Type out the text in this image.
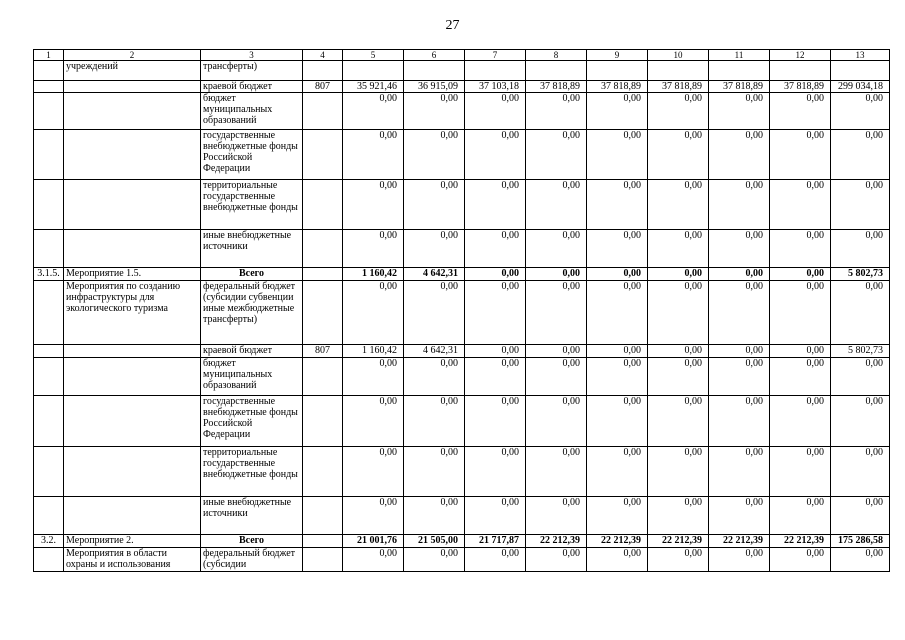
27
1	2	3	4	5	6	7	8	9	10	11	12	13
	учреждений	трансферты)										
		краевой бюджет	807	35 921,46	36 915,09	37 103,18	37 818,89	37 818,89	37 818,89	37 818,89	37 818,89	299 034,18
		бюджет муниципальных образований		0,00	0,00	0,00	0,00	0,00	0,00	0,00	0,00	0,00
		государственные внебюджетные фонды Российской Федерации		0,00	0,00	0,00	0,00	0,00	0,00	0,00	0,00	0,00
		территориальные государственные внебюджетные фонды		0,00	0,00	0,00	0,00	0,00	0,00	0,00	0,00	0,00
		иные внебюджетные источники		0,00	0,00	0,00	0,00	0,00	0,00	0,00	0,00	0,00
3.1.5.	Мероприятие 1.5.	Всего		1 160,42	4 642,31	0,00	0,00	0,00	0,00	0,00	0,00	5 802,73
	Мероприятия по созданию инфраструктуры для экологического туризма	федеральный бюджет (субсидии субвенции иные межбюджетные трансферты)		0,00	0,00	0,00	0,00	0,00	0,00	0,00	0,00	0,00
		краевой бюджет	807	1 160,42	4 642,31	0,00	0,00	0,00	0,00	0,00	0,00	5 802,73
		бюджет муниципальных образований		0,00	0,00	0,00	0,00	0,00	0,00	0,00	0,00	0,00
		государственные внебюджетные фонды Российской Федерации		0,00	0,00	0,00	0,00	0,00	0,00	0,00	0,00	0,00
		территориальные государственные внебюджетные фонды		0,00	0,00	0,00	0,00	0,00	0,00	0,00	0,00	0,00
		иные внебюджетные источники		0,00	0,00	0,00	0,00	0,00	0,00	0,00	0,00	0,00
3.2.	Мероприятие 2.	Всего		21 001,76	21 505,00	21 717,87	22 212,39	22 212,39	22 212,39	22 212,39	22 212,39	175 286,58
	Мероприятия в области охраны и использования	федеральный бюджет (субсидии		0,00	0,00	0,00	0,00	0,00	0,00	0,00	0,00	0,00
